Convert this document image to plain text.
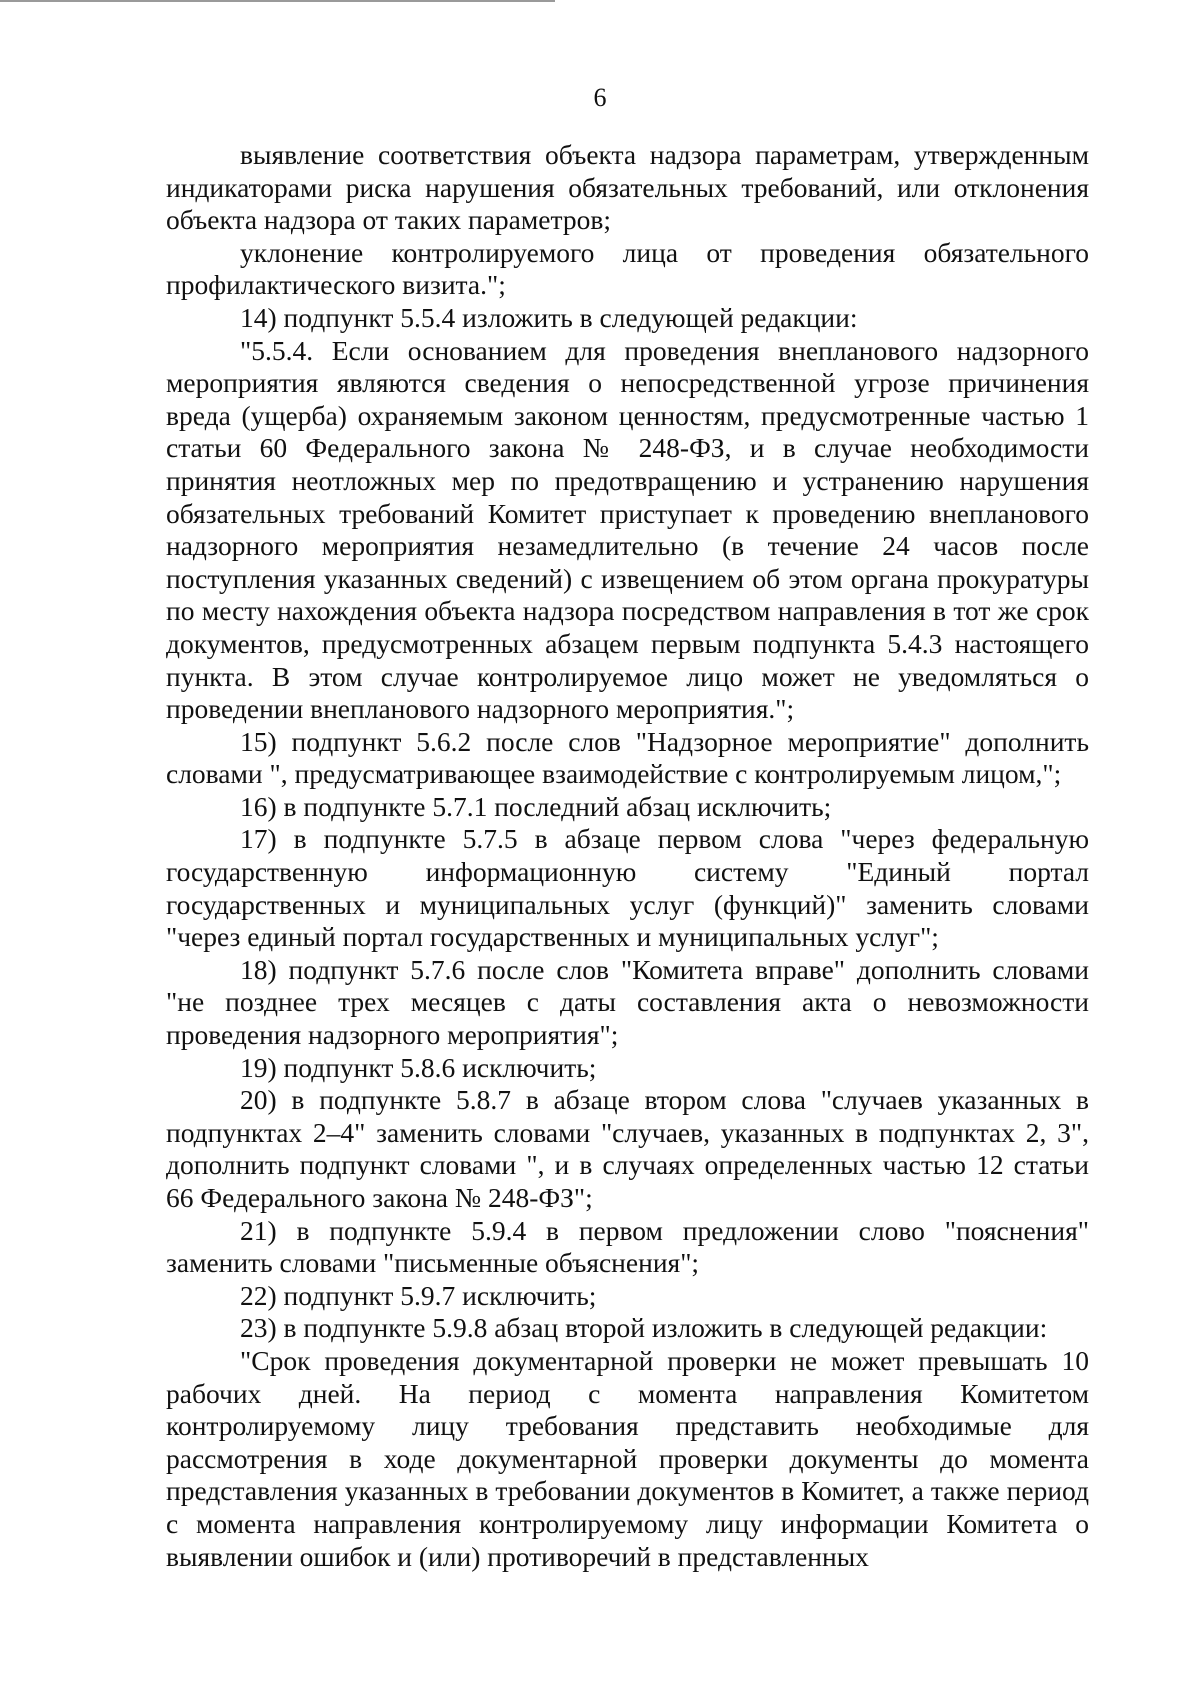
6

выявление соответствия объекта надзора параметрам, утвержденным индикаторами риска нарушения обязательных требований, или отклонения объекта надзора от таких параметров;

уклонение контролируемого лица от проведения обязательного профилактического визита.";

14) подпункт 5.5.4 изложить в следующей редакции:

"5.5.4. Если основанием для проведения внепланового надзорного мероприятия являются сведения о непосредственной угрозе причинения вреда (ущерба) охраняемым законом ценностям, предусмотренные частью 1 статьи 60 Федерального закона № 248-ФЗ, и в случае необходимости принятия неотложных мер по предотвращению и устранению нарушения обязательных требований Комитет приступает к проведению внепланового надзорного мероприятия незамедлительно (в течение 24 часов после поступления указанных сведений) с извещением об этом органа прокуратуры по месту нахождения объекта надзора посредством направления в тот же срок документов, предусмотренных абзацем первым подпункта 5.4.3 настоящего пункта. В этом случае контролируемое лицо может не уведомляться о проведении внепланового надзорного мероприятия.";

15) подпункт 5.6.2 после слов "Надзорное мероприятие" дополнить словами ", предусматривающее взаимодействие с контролируемым лицом,";

16) в подпункте 5.7.1 последний абзац исключить;

17) в подпункте 5.7.5 в абзаце первом слова "через федеральную государственную информационную систему "Единый портал государственных и муниципальных услуг (функций)" заменить словами "через единый портал государственных и муниципальных услуг";

18) подпункт 5.7.6 после слов "Комитета вправе" дополнить словами "не позднее трех месяцев с даты составления акта о невозможности проведения надзорного мероприятия";

19) подпункт 5.8.6 исключить;

20) в подпункте 5.8.7 в абзаце втором слова "случаев указанных в подпунктах 2–4" заменить словами "случаев, указанных в подпунктах 2, 3", дополнить подпункт словами ", и в случаях определенных частью 12 статьи 66 Федерального закона № 248-ФЗ";

21) в подпункте 5.9.4 в первом предложении слово "пояснения" заменить словами "письменные объяснения";

22) подпункт 5.9.7 исключить;

23) в подпункте 5.9.8 абзац второй изложить в следующей редакции:

"Срок проведения документарной проверки не может превышать 10 рабочих дней. На период с момента направления Комитетом контролируемому лицу требования представить необходимые для рассмотрения в ходе документарной проверки документы до момента представления указанных в требовании документов в Комитет, а также период с момента направления контролируемому лицу информации Комитета о выявлении ошибок и (или) противоречий в представленных
